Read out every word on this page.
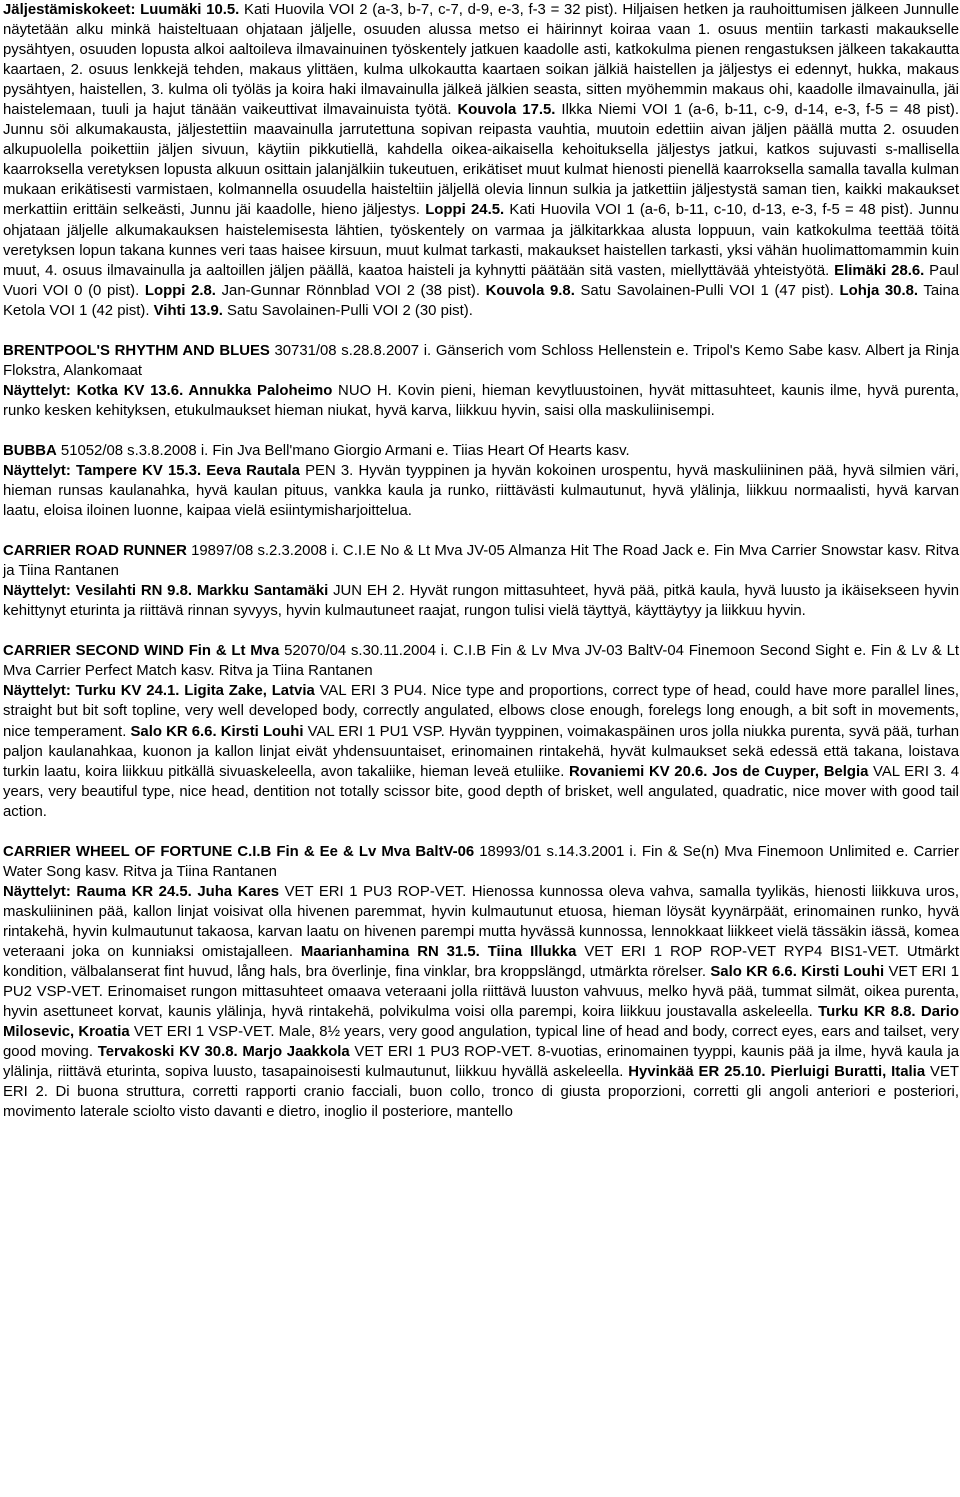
Jäljestämiskokeet: Luumäki 10.5. Kati Huovila VOI 2 (a-3, b-7, c-7, d-9, e-3, f-3 = 32 pist). Hiljaisen hetken ja rauhoittumisen jälkeen Junnulle näytetään alku minkä haisteltuaan ohjataan jäljelle, osuuden alussa metso ei häirinnyt koiraa vaan 1. osuus mentiin tarkasti makaukselle pysähtyen, osuuden lopusta alkoi aaltoileva ilmavainuinen työskentely jatkuen kaadolle asti, katkokulma pienen rengastuksen jälkeen takakautta kaartaen, 2. osuus lenkkejä tehden, makaus ylittäen, kulma ulkokautta kaartaen soikan jälkiä haistellen ja jäljestys ei edennyt, hukka, makaus pysähtyen, haistellen, 3. kulma oli työläs ja koira haki ilmavainulla jälkeä jälkien seasta, sitten myöhemmin makaus ohi, kaadolle ilmavainulla, jäi haistelemaan, tuuli ja hajut tänään vaikeuttivat ilmavainuista työtä. Kouvola 17.5. Ilkka Niemi VOI 1 (a-6, b-11, c-9, d-14, e-3, f-5 = 48 pist). Junnu söi alkumakausta, jäljestettiin maavainulla jarrutettuna sopivan reipasta vauhtia, muutoin edettiin aivan jäljen päällä mutta 2. osuuden alkupuolella poikettiin jäljen sivuun, käytiin pikkutiellä, kahdella oikea-aikaisella kehoituksella jäljestys jatkui, katkos sujuvasti s-mallisella kaarroksella veretyksen lopusta alkuun osittain jalanjälkiin tukeutuen, erikätiset muut kulmat hienosti pienellä kaarroksella samalla tavalla kulman mukaan erikätisesti varmistaen, kolmannella osuudella haisteltiin jäljellä olevia linnun sulkia ja jatkettiin jäljestystä saman tien, kaikki makaukset merkattiin erittäin selkeästi, Junnu jäi kaadolle, hieno jäljestys. Loppi 24.5. Kati Huovila VOI 1 (a-6, b-11, c-10, d-13, e-3, f-5 = 48 pist). Junnu ohjataan jäljelle alkumakauksen haistelemisesta lähtien, työskentely on varmaa ja jälkitarkkaa alusta loppuun, vain katkokulma teettää töitä veretyksen lopun takana kunnes veri taas haisee kirsuun, muut kulmat tarkasti, makaukset haistellen tarkasti, yksi vähän huolimattomammin kuin muut, 4. osuus ilmavainulla ja aaltoillen jäljen päällä, kaatoa haisteli ja kyhnytti päätään sitä vasten, miellyttävää yhteistyötä. Elimäki 28.6. Paul Vuori VOI 0 (0 pist). Loppi 2.8. Jan-Gunnar Rönnblad VOI 2 (38 pist). Kouvola 9.8. Satu Savolainen-Pulli VOI 1 (47 pist). Lohja 30.8. Taina Ketola VOI 1 (42 pist). Vihti 13.9. Satu Savolainen-Pulli VOI 2 (30 pist).

BRENTPOOL'S RHYTHM AND BLUES 30731/08 s.28.8.2007 i. Gänserich vom Schloss Hellenstein e. Tripol's Kemo Sabe kasv. Albert ja Rinja Flokstra, Alankomaat
Näyttelyt: Kotka KV 13.6. Annukka Paloheimo NUO H. Kovin pieni, hieman kevytluustoinen, hyvät mittasuhteet, kaunis ilme, hyvä purenta, runko kesken kehityksen, etukulmaukset hieman niukat, hyvä karva, liikkuu hyvin, saisi olla maskuliinisempi.

BUBBA 51052/08 s.3.8.2008 i. Fin Jva Bell'mano Giorgio Armani e. Tiias Heart Of Hearts kasv.
Näyttelyt: Tampere KV 15.3. Eeva Rautala PEN 3. Hyvän tyyppinen ja hyvän kokoinen urospentu, hyvä maskuliininen pää, hyvä silmien väri, hieman runsas kaulanahka, hyvä kaulan pituus, vankka kaula ja runko, riittävästi kulmautunut, hyvä ylälinja, liikkuu normaalisti, hyvä karvan laatu, eloisa iloinen luonne, kaipaa vielä esiintymisharjoittelua.

CARRIER ROAD RUNNER 19897/08 s.2.3.2008 i. C.I.E No & Lt Mva JV-05 Almanza Hit The Road Jack e. Fin Mva Carrier Snowstar kasv. Ritva ja Tiina Rantanen
Näyttelyt: Vesilahti RN 9.8. Markku Santamäki JUN EH 2. Hyvät rungon mittasuhteet, hyvä pää, pitkä kaula, hyvä luusto ja ikäisekseen hyvin kehittynyt eturinta ja riittävä rinnan syvyys, hyvin kulmautuneet raajat, rungon tulisi vielä täyttyä, käyttäytyy ja liikkuu hyvin.

CARRIER SECOND WIND Fin & Lt Mva 52070/04 s.30.11.2004 i. C.I.B Fin & Lv Mva JV-03 BaltV-04 Finemoon Second Sight e. Fin & Lv & Lt Mva Carrier Perfect Match kasv. Ritva ja Tiina Rantanen
Näyttelyt: Turku KV 24.1. Ligita Zake, Latvia VAL ERI 3 PU4. Nice type and proportions, correct type of head, could have more parallel lines, straight but bit soft topline, very well developed body, correctly angulated, elbows close enough, forelegs long enough, a bit soft in movements, nice temperament. Salo KR 6.6. Kirsti Louhi VAL ERI 1 PU1 VSP. Hyvän tyyppinen, voimakaspäinen uros jolla niukka purenta, syvä pää, turhan paljon kaulanahkaa, kuonon ja kallon linjat eivät yhdensuuntaiset, erinomainen rintakehä, hyvät kulmaukset sekä edessä että takana, loistava turkin laatu, koira liikkuu pitkällä sivuaskeleella, avon takaliike, hieman leveä etuliike. Rovaniemi KV 20.6. Jos de Cuyper, Belgia VAL ERI 3. 4 years, very beautiful type, nice head, dentition not totally scissor bite, good depth of brisket, well angulated, quadratic, nice mover with good tail action.

CARRIER WHEEL OF FORTUNE C.I.B Fin & Ee & Lv Mva BaltV-06 18993/01 s.14.3.2001 i. Fin & Se(n) Mva Finemoon Unlimited e. Carrier Water Song kasv. Ritva ja Tiina Rantanen
Näyttelyt: Rauma KR 24.5. Juha Kares VET ERI 1 PU3 ROP-VET. Hienossa kunnossa oleva vahva, samalla tyylikäs, hienosti liikkuva uros, maskuliininen pää, kallon linjat voisivat olla hivenen paremmat, hyvin kulmautunut etuosa, hieman löysät kyynärpäät, erinomainen runko, hyvä rintakehä, hyvin kulmautunut takaosa, karvan laatu on hivenen parempi mutta hyvässä kunnossa, lennokkaat liikkeet vielä tässäkin iässä, komea veteraani joka on kunniaksi omistajalleen. Maarianhamina RN 31.5. Tiina Illukka VET ERI 1 ROP ROP-VET RYP4 BIS1-VET. Utmärkt kondition, välbalanserat fint huvud, lång hals, bra överlinje, fina vinklar, bra kroppslängd, utmärkta rörelser. Salo KR 6.6. Kirsti Louhi VET ERI 1 PU2 VSP-VET. Erinomaiset rungon mittasuhteet omaava veteraani jolla riittävä luuston vahvuus, melko hyvä pää, tummat silmät, oikea purenta, hyvin asettuneet korvat, kaunis ylälinja, hyvä rintakehä, polvikulma voisi olla parempi, koira liikkuu joustavalla askeleella. Turku KR 8.8. Dario Milosevic, Kroatia VET ERI 1 VSP-VET. Male, 8½ years, very good angulation, typical line of head and body, correct eyes, ears and tailset, very good moving. Tervakoski KV 30.8. Marjo Jaakkola VET ERI 1 PU3 ROP-VET. 8-vuotias, erinomainen tyyppi, kaunis pää ja ilme, hyvä kaula ja ylälinja, riittävä eturinta, sopiva luusto, tasapainoisesti kulmautunut, liikkuu hyvällä askeleella. Hyvinkää ER 25.10. Pierluigi Buratti, Italia VET ERI 2. Di buona struttura, corretti rapporti cranio facciali, buon collo, tronco di giusta proporzioni, corretti gli angoli anteriori e posteriori, movimento laterale sciolto visto davanti e dietro, inoglio il posteriore, mantello
